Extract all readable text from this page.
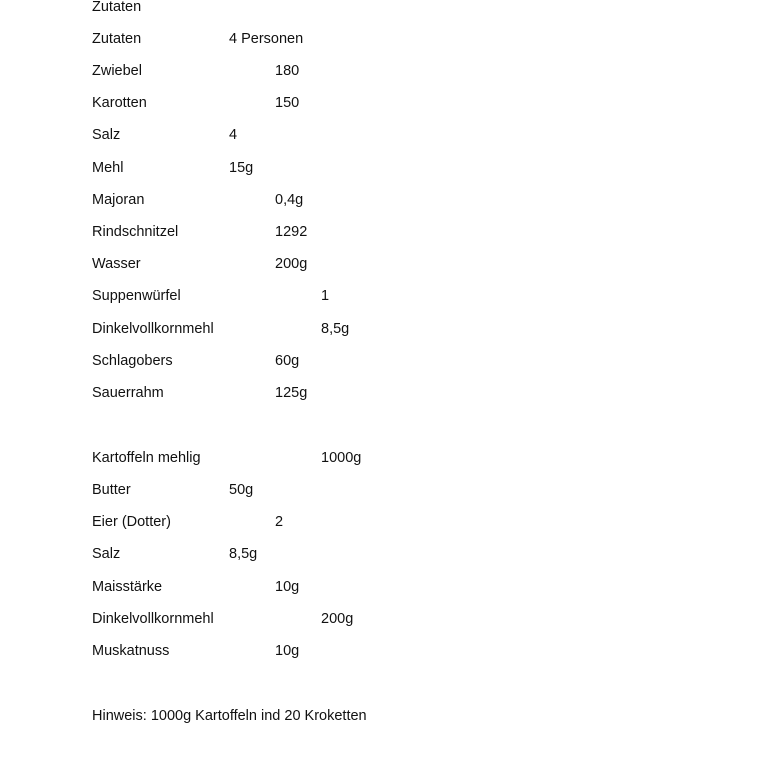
Zutaten
Zutaten	4 Personen
Zwiebel	180
Karotten	150
Salz	4
Mehl	15g
Majoran	0,4g
Rindschnitzel	1292
Wasser	200g
Suppenwürfel	1
Dinkelvollkornmehl	8,5g
Schlagobers	60g
Sauerrahm	125g
Kartoffeln mehlig	1000g
Butter	50g
Eier (Dotter)	2
Salz	8,5g
Maisstärke	10g
Dinkelvollkornmehl	200g
Muskatnuss	10g
Hinweis: 1000g Kartoffeln ind 20 Kroketten
